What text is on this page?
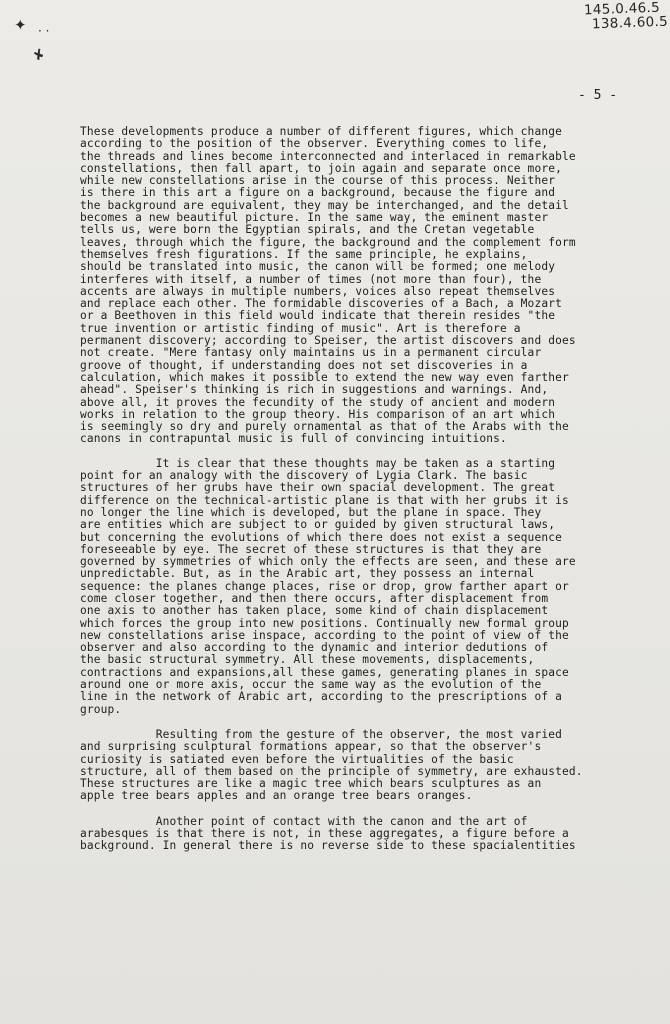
✦ · ·
✘
145.0.46.5
138.4.60.5
- 5 -
These developments produce a number of different figures, which change
according to the position of the observer. Everything comes to life,
the threads and lines become interconnected and interlaced in remarkable
constellations, then fall apart, to join again and separate once more,
while new constellations arise in the course of this process. Neither
is there in this art a figure on a background, because the figure and
the background are equivalent, they may be interchanged, and the detail
becomes a new beautiful picture. In the same way, the eminent master
tells us, were born the Egyptian spirals, and the Cretan vegetable
leaves, through which the figure, the background and the complement form
themselves fresh figurations. If the same principle, he explains,
should be translated into music, the canon will be formed; one melody
interferes with itself, a number of times (not more than four), the
accents are always in multiple numbers, voices also repeat themselves
and replace each other. The formidable discoveries of a Bach, a Mozart
or a Beethoven in this field would indicate that therein resides "the
true invention or artistic finding of music". Art is therefore a
permanent discovery; according to Speiser, the artist discovers and does
not create. "Mere fantasy only maintains us in a permanent circular
groove of thought, if understanding does not set discoveries in a
calculation, which makes it possible to extend the new way even farther
ahead". Speiser's thinking is rich in suggestions and warnings. And,
above all, it proves the fecundity of the study of ancient and modern
works in relation to the group theory. His comparison of an art which
is seemingly so dry and purely ornamental as that of the Arabs with the
canons in contrapuntal music is full of convincing intuitions.
It is clear that these thoughts may be taken as a starting
point for an analogy with the discovery of Lygia Clark. The basic
structures of her grubs have their own spacial development. The great
difference on the technical-artistic plane is that with her grubs it is
no longer the line which is developed, but the plane in space. They
are entities which are subject to or guided by given structural laws,
but concerning the evolutions of which there does not exist a sequence
foreseeable by eye. The secret of these structures is that they are
governed by symmetries of which only the effects are seen, and these are
unpredictable. But, as in the Arabic art, they possess an internal
sequence: the planes change places, rise or drop, grow farther apart or
come closer together, and then there occurs, after displacement from
one axis to another has taken place, some kind of chain displacement
which forces the group into new positions. Continually new formal group
new constellations arise inspace, according to the point of view of the
observer and also according to the dynamic and interior dedutions of
the basic structural symmetry. All these movements, displacements,
contractions and expansions,all these games, generating planes in space
around one or more axis, occur the same way as the evolution of the
line in the network of Arabic art, according to the prescriptions of a
group.
Resulting from the gesture of the observer, the most varied
and surprising sculptural formations appear, so that the observer's
curiosity is satiated even before the virtualities of the basic
structure, all of them based on the principle of symmetry, are exhausted.
These structures are like a magic tree which bears sculptures as an
apple tree bears apples and an orange tree bears oranges.
Another point of contact with the canon and the art of
arabesques is that there is not, in these aggregates, a figure before a
background. In general there is no reverse side to these spacialentities
